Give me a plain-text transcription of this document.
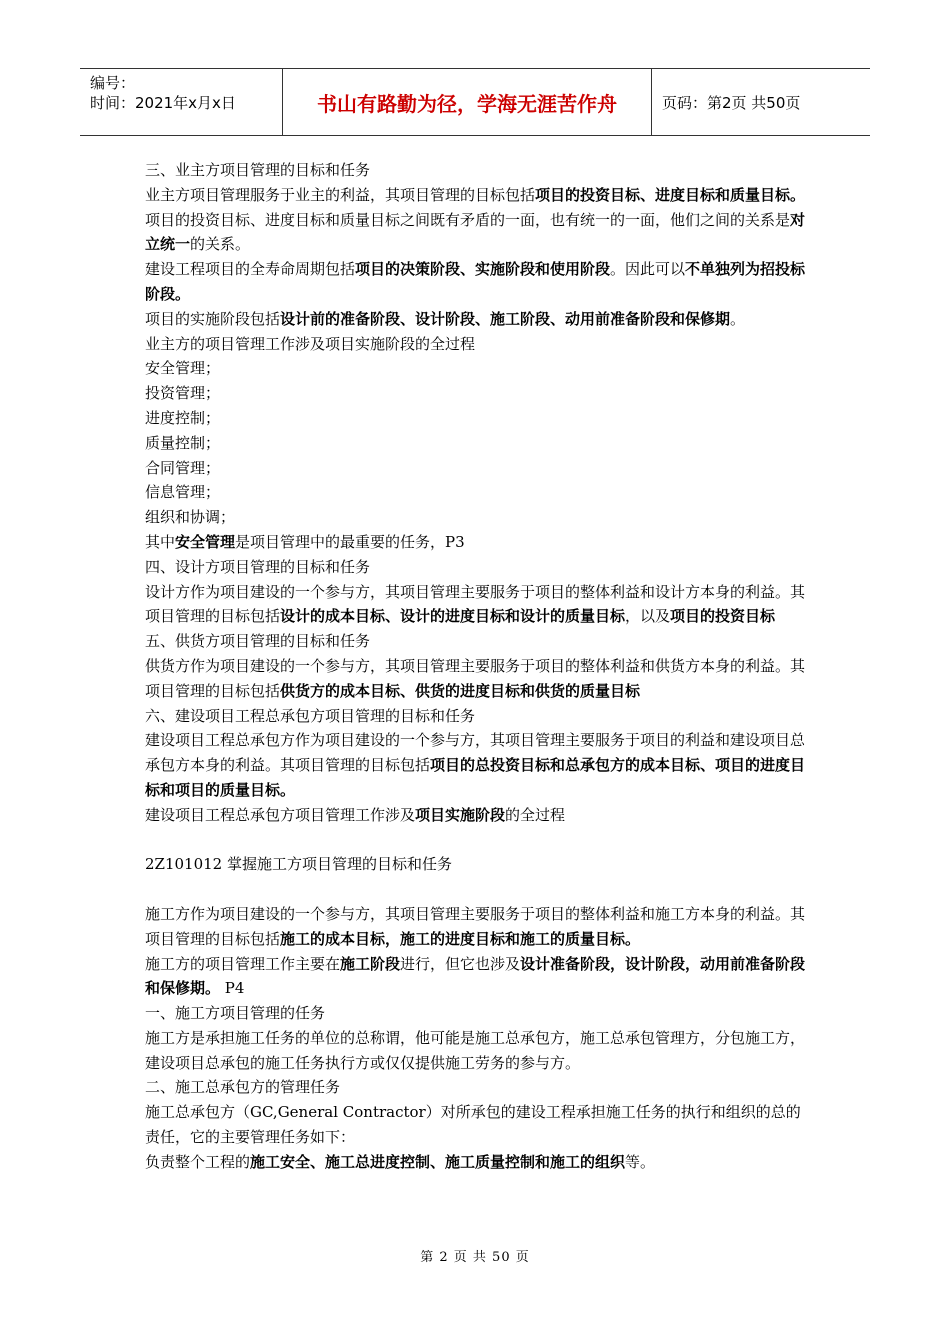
编号：
时间：2021年x月x日	书山有路勤为径，学海无涯苦作舟	页码：第2页 共50页

三、业主方项目管理的目标和任务

业主方项目管理服务于业主的利益，其项目管理的目标包括项目的投资目标、进度目标和质量目标。

项目的投资目标、进度目标和质量目标之间既有矛盾的一面，也有统一的一面，他们之间的关系是对立统一的关系。

建设工程项目的全寿命周期包括项目的决策阶段、实施阶段和使用阶段。因此可以不单独列为招投标阶段。

项目的实施阶段包括设计前的准备阶段、设计阶段、施工阶段、动用前准备阶段和保修期。

业主方的项目管理工作涉及项目实施阶段的全过程

安全管理；

投资管理；

进度控制；

质量控制；

合同管理；

信息管理；

组织和协调；

其中安全管理是项目管理中的最重要的任务，P3

四、设计方项目管理的目标和任务

设计方作为项目建设的一个参与方，其项目管理主要服务于项目的整体利益和设计方本身的利益。其项目管理的目标包括设计的成本目标、设计的进度目标和设计的质量目标，以及项目的投资目标

五、供货方项目管理的目标和任务

供货方作为项目建设的一个参与方，其项目管理主要服务于项目的整体利益和供货方本身的利益。其项目管理的目标包括供货方的成本目标、供货的进度目标和供货的质量目标

六、建设项目工程总承包方项目管理的目标和任务

建设项目工程总承包方作为项目建设的一个参与方，其项目管理主要服务于项目的利益和建设项目总承包方本身的利益。其项目管理的目标包括项目的总投资目标和总承包方的成本目标、项目的进度目标和项目的质量目标。

建设项目工程总承包方项目管理工作涉及项目实施阶段的全过程

2Z101012 掌握施工方项目管理的目标和任务

施工方作为项目建设的一个参与方，其项目管理主要服务于项目的整体利益和施工方本身的利益。其项目管理的目标包括施工的成本目标，施工的进度目标和施工的质量目标。

施工方的项目管理工作主要在施工阶段进行，但它也涉及设计准备阶段，设计阶段，动用前准备阶段和保修期。 P4

一、施工方项目管理的任务

施工方是承担施工任务的单位的总称谓，他可能是施工总承包方，施工总承包管理方，分包施工方，建设项目总承包的施工任务执行方或仅仅提供施工劳务的参与方。

二、施工总承包方的管理任务

施工总承包方（GC,General Contractor）对所承包的建设工程承担施工任务的执行和组织的总的责任，它的主要管理任务如下：

负责整个工程的施工安全、施工总进度控制、施工质量控制和施工的组织等。

第 2 页 共 50 页
